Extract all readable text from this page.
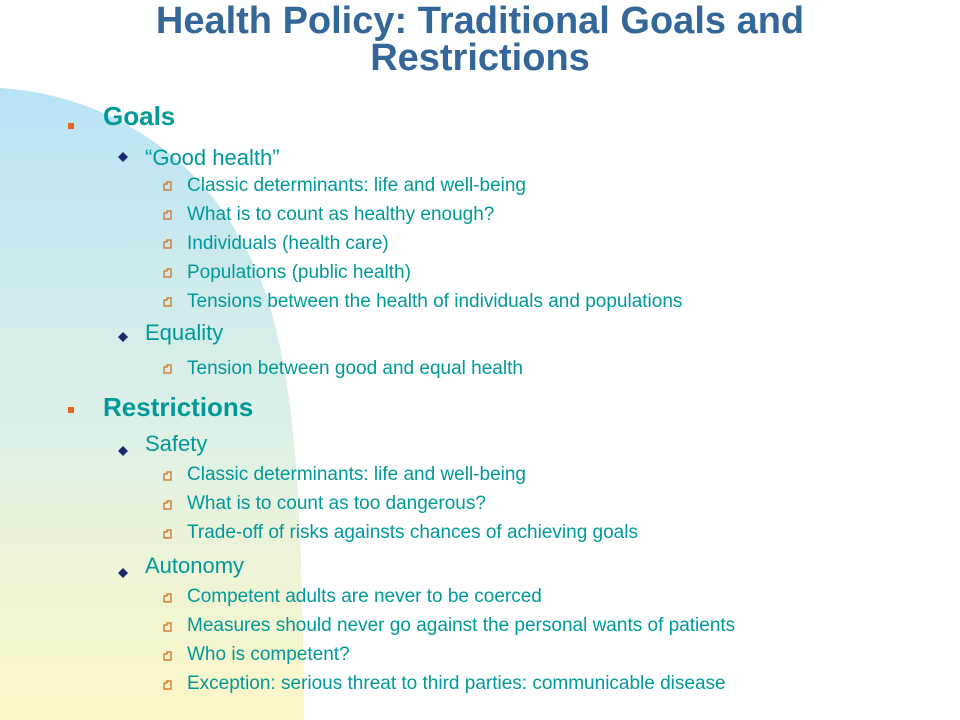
Health Policy: Traditional Goals and
Restrictions
Goals
“Good health”
Classic determinants: life and well-being
What is to count as healthy enough?
Individuals (health care)
Populations (public health)
Tensions between the health of individuals and populations
Equality
Tension between good and equal health
Restrictions
Safety
Classic determinants: life and well-being
What is to count as too dangerous?
Trade-off of risks againsts chances of achieving goals
Autonomy
Competent adults are never to be coerced
Measures should never go against the personal wants of patients
Who is competent?
Exception: serious threat to third parties: communicable disease
